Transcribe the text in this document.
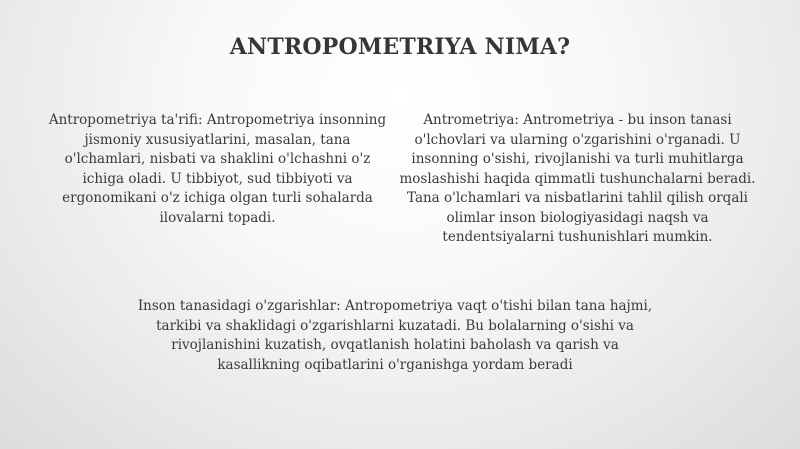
ANTROPOMETRIYA NIMA?
Antropometriya ta'rifi: Antropometriya insonning jismoniy xususiyatlarini, masalan, tana o'lchamlari, nisbati va shaklini o'lchashni o'z ichiga oladi. U tibbiyot, sud tibbiyoti va ergonomikani o'z ichiga olgan turli sohalarda ilovalarni topadi.
Antrometriya: Antrometriya - bu inson tanasi o'lchovlari va ularning o'zgarishini o'rganadi. U insonning o'sishi, rivojlanishi va turli muhitlarga moslashishi haqida qimmatli tushunchalarni beradi. Tana o'lchamlari va nisbatlarini tahlil qilish orqali olimlar inson biologiyasidagi naqsh va tendentsiyalarni tushunishlari mumkin.
Inson tanasidagi o'zgarishlar: Antropometriya vaqt o'tishi bilan tana hajmi, tarkibi va shaklidagi o'zgarishlarni kuzatadi. Bu bolalarning o'sishi va rivojlanishini kuzatish, ovqatlanish holatini baholash va qarish va kasallikning oqibatlarini o'rganishga yordam beradi
